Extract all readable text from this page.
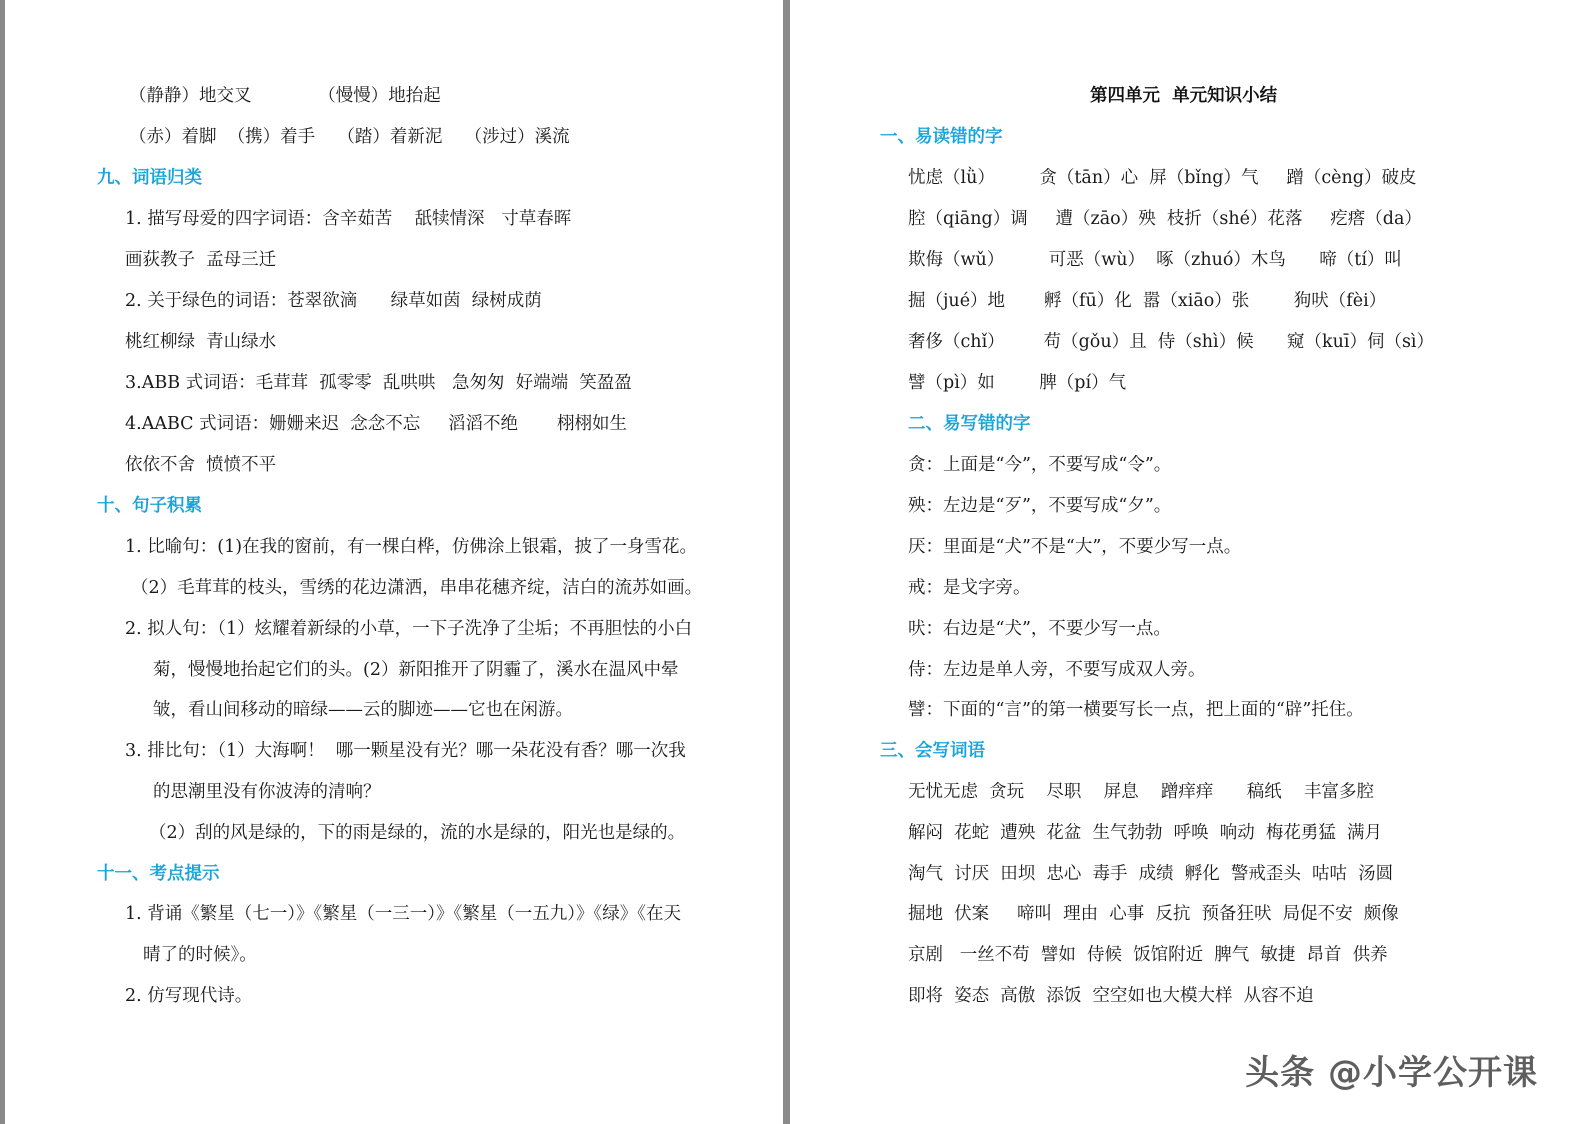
（静静）地交叉            （慢慢）地抬起
（赤）着脚  （携）着手    （踏）着新泥    （涉过）溪流
九、词语归类
1. 描写母爱的四字词语：含辛茹苦    舐犊情深   寸草春晖
画荻教子  孟母三迁
2. 关于绿色的词语：苍翠欲滴      绿草如茵  绿树成荫
桃红柳绿  青山绿水
3.ABB 式词语：毛茸茸  孤零零  乱哄哄   急匆匆  好端端  笑盈盈
4.AABC 式词语：姗姗来迟  念念不忘     滔滔不绝       栩栩如生
依依不舍  愤愤不平
十、句子积累
1. 比喻句：(1)在我的窗前，有一棵白桦，仿佛涂上银霜，披了一身雪花。
（2）毛茸茸的枝头，雪绣的花边潇洒，串串花穗齐绽，洁白的流苏如画。
2. 拟人句：（1）炫耀着新绿的小草，一下子洗净了尘垢；不再胆怯的小白
菊，慢慢地抬起它们的头。(2）新阳推开了阴霾了，溪水在温风中晕
皱，看山间移动的暗绿——云的脚迹——它也在闲游。
3. 排比句：（1）大海啊！  哪一颗星没有光？哪一朵花没有香？哪一次我
的思潮里没有你波涛的清响？
（2）刮的风是绿的，下的雨是绿的，流的水是绿的，阳光也是绿的。
十一、考点提示
1. 背诵《繁星（七一）》《繁星（一三一）》《繁星（一五九）》《绿》《在天
晴了的时候》。
2. 仿写现代诗。
第四单元  单元知识小结
一、易读错的字
忧虑（lǜ）        贪（tān）心  屏（bǐng）气     蹭（cèng）破皮
腔（qiāng）调     遭（zāo）殃  枝折（shé）花落     疙瘩（da）
欺侮（wǔ）        可恶（wù）  啄（zhuó）木鸟      啼（tí）叫
掘（jué）地       孵（fū）化  嚣（xiāo）张        狗吠（fèi）
奢侈（chǐ）       苟（gǒu）且  侍（shì）候      窥（kuī）伺（sì）
譬（pì）如        脾（pí）气
二、易写错的字
贪：上面是“今”，不要写成“令”。
殃：左边是“歹”，不要写成“夕”。
厌：里面是“犬”不是“大”，不要少写一点。
戒：是戈字旁。
吠：右边是“犬”，不要少写一点。
侍：左边是单人旁，不要写成双人旁。
譬：下面的“言”的第一横要写长一点，把上面的“辟”托住。
三、会写词语
无忧无虑  贪玩    尽职    屏息    蹭痒痒      稿纸    丰富多腔
解闷  花蛇  遭殃  花盆  生气勃勃  呼唤  响动  梅花勇猛  满月
淘气  讨厌  田坝  忠心  毒手  成绩  孵化  警戒歪头  咕咕  汤圆
掘地  伏案     啼叫  理由  心事  反抗  预备狂吠  局促不安  颇像
京剧   一丝不苟  譬如  侍候  饭馆附近  脾气  敏捷  昂首  供养
即将  姿态  高傲  添饭  空空如也大模大样  从容不迫
头条 @小学公开课
